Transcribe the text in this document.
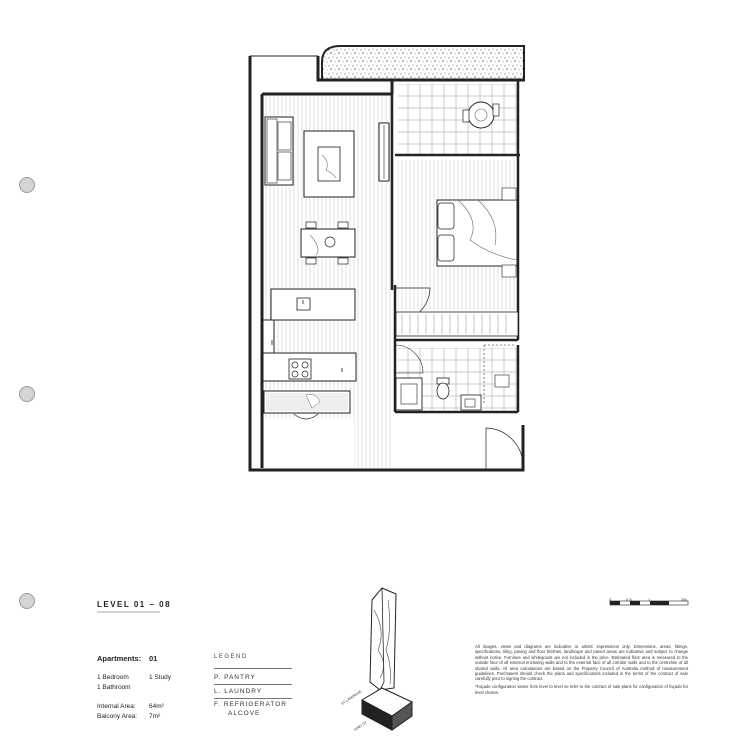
ST LANDRIVE
KING ST
0	0.5	1	2M
LEVEL 01 – 08
Apartments: 01
1 Bedroom	1 Study
1 Bathroom
Internal Area: 64m²
Balcony Area: 7m²
LEGEND
P. PANTRY
L. LAUNDRY
F. REFRIGERATOR
ALCOVE

All images, views and diagrams are indicative or artists' impressions only. Dimensions, areas, fittings, specifications, tiling, paving and floor finishes, landscape and paved areas are indicative and subject to change without notice. Furniture and whitegoods are not included in the price. Estimated floor area is measured to the outside face of all external enclosing walls and to the external face of all corridor walls and to the centreline of all shared walls. All area calculations are based on the Property Council of Australia method of measurement guidelines. Purchasers should check the plans and specifications included in the terms of the contract of sale carefully prior to signing the contract.

*Façade configuration varies from level to level so refer to the contract of sale plans for configuration of façade for level chosen.
